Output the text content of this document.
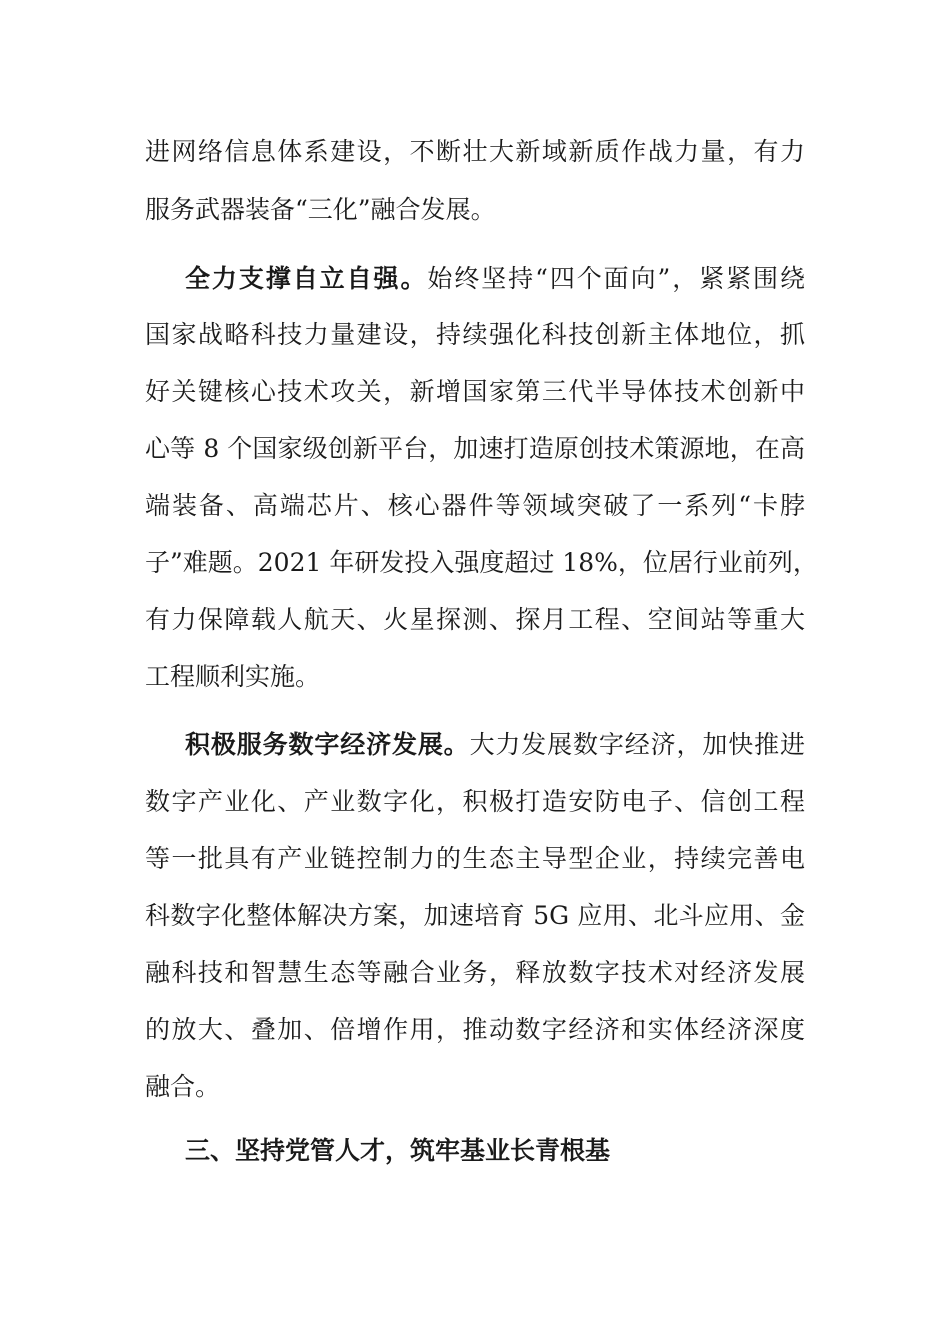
进网络信息体系建设，不断壮大新域新质作战力量，有力
服务武器装备“三化”融合发展。
全力支撑自立自强。始终坚持“四个面向”，紧紧围绕
国家战略科技力量建设，持续强化科技创新主体地位，抓
好关键核心技术攻关，新增国家第三代半导体技术创新中
心等 8 个国家级创新平台，加速打造原创技术策源地，在高
端装备、高端芯片、核心器件等领域突破了一系列“卡脖
子”难题。2021 年研发投入强度超过 18%，位居行业前列，
有力保障载人航天、火星探测、探月工程、空间站等重大
工程顺利实施。
积极服务数字经济发展。大力发展数字经济，加快推进
数字产业化、产业数字化，积极打造安防电子、信创工程
等一批具有产业链控制力的生态主导型企业，持续完善电
科数字化整体解决方案，加速培育 5G 应用、北斗应用、金
融科技和智慧生态等融合业务，释放数字技术对经济发展
的放大、叠加、倍增作用，推动数字经济和实体经济深度
融合。
三、坚持党管人才，筑牢基业长青根基
